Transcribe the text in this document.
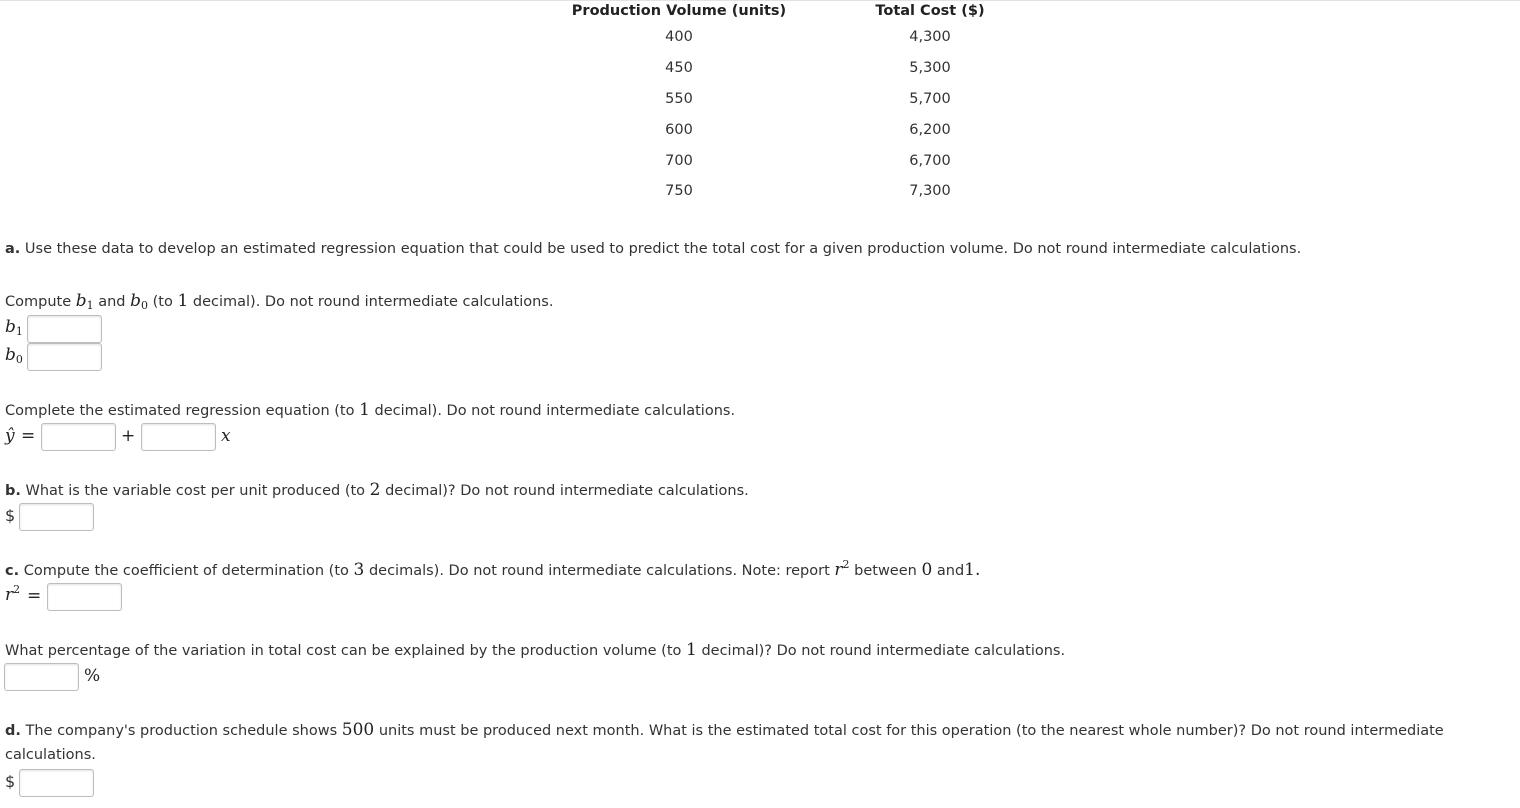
Production Volume (units)	Total Cost ($)
400	4,300
450	5,300
550	5,700
600	6,200
700	6,700
750	7,300
a. Use these data to develop an estimated regression equation that could be used to predict the total cost for a given production volume. Do not round intermediate calculations.
Compute b1 and b0 (to 1 decimal). Do not round intermediate calculations.
b1
b0
Complete the estimated regression equation (to 1 decimal). Do not round intermediate calculations.
ŷ =	+	x
b. What is the variable cost per unit produced (to 2 decimal)? Do not round intermediate calculations.
$
c. Compute the coefficient of determination (to 3 decimals). Do not round intermediate calculations. Note: report $r^2$ between 0 and1.
$r^2$ =
What percentage of the variation in total cost can be explained by the production volume (to 1 decimal)? Do not round intermediate calculations.
%
d. The company's production schedule shows 500 units must be produced next month. What is the estimated total cost for this operation (to the nearest whole number)? Do not round intermediate
calculations.
$
